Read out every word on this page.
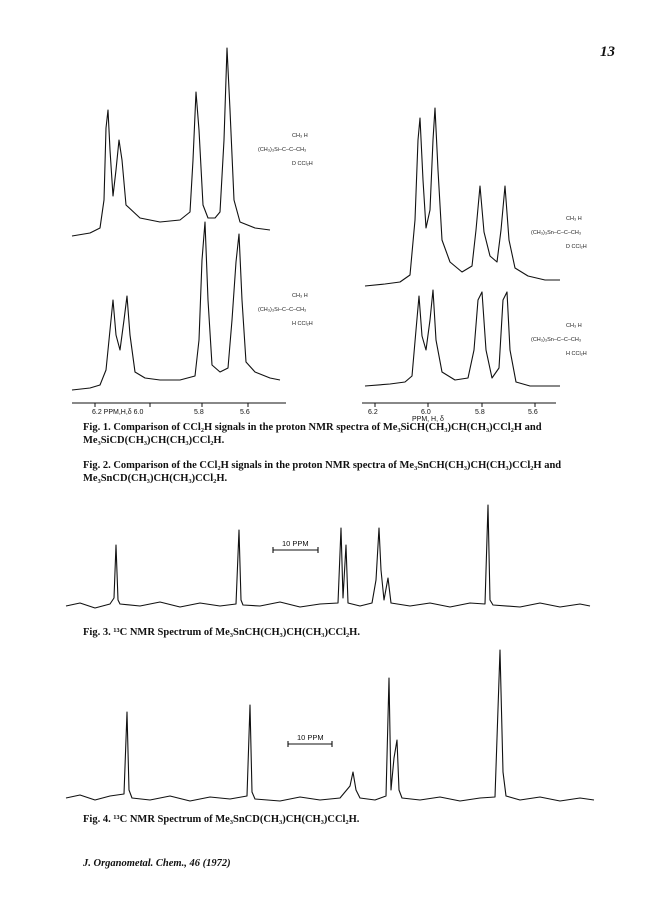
13
6.2 PPM,H,δ 6.0	5.8	5.6	6.2	6.0	5.8	5.6
PPM, H, δ
CH₃ H
(CH₃)₃Si–C–C–CH₃
D CCl₂H
CH₃ H
(CH₃)₃Si–C–C–CH₃
H CCl₂H
CH₃ H
(CH₃)₃Sn–C–C–CH₃
D CCl₂H
CH₃ H
(CH₃)₃Sn–C–C–CH₃
H CCl₂H
10 PPM
10 PPM
Fig. 1. Comparison of CCl₂H signals in the proton NMR spectra of Me₃SiCH(CH₃)CH(CH₃)CCl₂H and Me₃SiCD(CH₃)CH(CH₃)CCl₂H.
Fig. 2. Comparison of the CCl₂H signals in the proton NMR spectra of Me₃SnCH(CH₃)CH(CH₃)CCl₂H and Me₃SnCD(CH₃)CH(CH₃)CCl₂H.
Fig. 3. ¹³C NMR Spectrum of Me₃SnCH(CH₃)CH(CH₃)CCl₂H.
Fig. 4. ¹³C NMR Spectrum of Me₃SnCD(CH₃)CH(CH₃)CCl₂H.
J. Organometal. Chem., 46 (1972)
